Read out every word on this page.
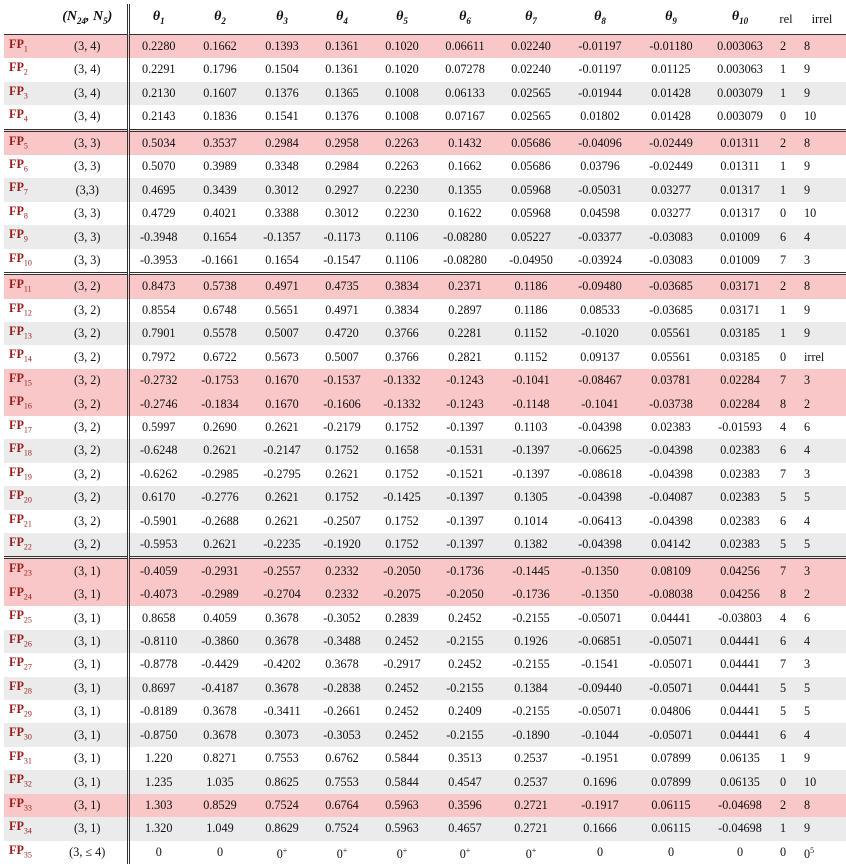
	($N_{24}$, $N_5$)	$\theta_1$	$\theta_2$	$\theta_3$	$\theta_4$	$\theta_5$	$\theta_6$	$\theta_7$	$\theta_8$	$\theta_9$	$\theta_{10}$	rel	irrel
$FP_1$	(3, 4)	0.2280	0.1662	0.1393	0.1361	0.1020	0.06611	0.02240	-0.01197	-0.01180	0.003063	2	8
$FP_2$	(3, 4)	0.2291	0.1796	0.1504	0.1361	0.1020	0.07278	0.02240	-0.01197	0.01125	0.003063	1	9
$FP_3$	(3, 4)	0.2130	0.1607	0.1376	0.1365	0.1008	0.06133	0.02565	-0.01944	0.01428	0.003079	1	9
$FP_4$	(3, 4)	0.2143	0.1836	0.1541	0.1376	0.1008	0.07167	0.02565	0.01802	0.01428	0.003079	0	10
$FP_5$	(3, 3)	0.5034	0.3537	0.2984	0.2958	0.2263	0.1432	0.05686	-0.04096	-0.02449	0.01311	2	8
$FP_6$	(3, 3)	0.5070	0.3989	0.3348	0.2984	0.2263	0.1662	0.05686	0.03796	-0.02449	0.01311	1	9
$FP_7$	(3,3)	0.4695	0.3439	0.3012	0.2927	0.2230	0.1355	0.05968	-0.05031	0.03277	0.01317	1	9
$FP_8$	(3, 3)	0.4729	0.4021	0.3388	0.3012	0.2230	0.1622	0.05968	0.04598	0.03277	0.01317	0	10
$FP_9$	(3, 3)	-0.3948	0.1654	-0.1357	-0.1173	0.1106	-0.08280	0.05227	-0.03377	-0.03083	0.01009	6	4
$FP_{10}$	(3, 3)	-0.3953	-0.1661	0.1654	-0.1547	0.1106	-0.08280	-0.04950	-0.03924	-0.03083	0.01009	7	3
$FP_{11}$	(3, 2)	0.8473	0.5738	0.4971	0.4735	0.3834	0.2371	0.1186	-0.09480	-0.03685	0.03171	2	8
$FP_{12}$	(3, 2)	0.8554	0.6748	0.5651	0.4971	0.3834	0.2897	0.1186	0.08533	-0.03685	0.03171	1	9
$FP_{13}$	(3, 2)	0.7901	0.5578	0.5007	0.4720	0.3766	0.2281	0.1152	-0.1020	0.05561	0.03185	1	9
$FP_{14}$	(3, 2)	0.7972	0.6722	0.5673	0.5007	0.3766	0.2821	0.1152	0.09137	0.05561	0.03185	0	irrel
$FP_{15}$	(3, 2)	-0.2732	-0.1753	0.1670	-0.1537	-0.1332	-0.1243	-0.1041	-0.08467	0.03781	0.02284	7	3
$FP_{16}$	(3, 2)	-0.2746	-0.1834	0.1670	-0.1606	-0.1332	-0.1243	-0.1148	-0.1041	-0.03738	0.02284	8	2
$FP_{17}$	(3, 2)	0.5997	0.2690	0.2621	-0.2179	0.1752	-0.1397	0.1103	-0.04398	0.02383	-0.01593	4	6
$FP_{18}$	(3, 2)	-0.6248	0.2621	-0.2147	0.1752	0.1658	-0.1531	-0.1397	-0.06625	-0.04398	0.02383	6	4
$FP_{19}$	(3, 2)	-0.6262	-0.2985	-0.2795	0.2621	0.1752	-0.1521	-0.1397	-0.08618	-0.04398	0.02383	7	3
$FP_{20}$	(3, 2)	0.6170	-0.2776	0.2621	0.1752	-0.1425	-0.1397	0.1305	-0.04398	-0.04087	0.02383	5	5
$FP_{21}$	(3, 2)	-0.5901	-0.2688	0.2621	-0.2507	0.1752	-0.1397	0.1014	-0.06413	-0.04398	0.02383	6	4
$FP_{22}$	(3, 2)	-0.5953	0.2621	-0.2235	-0.1920	0.1752	-0.1397	0.1382	-0.04398	0.04142	0.02383	5	5
$FP_{23}$	(3, 1)	-0.4059	-0.2931	-0.2557	0.2332	-0.2050	-0.1736	-0.1445	-0.1350	0.08109	0.04256	7	3
$FP_{24}$	(3, 1)	-0.4073	-0.2989	-0.2704	0.2332	-0.2075	-0.2050	-0.1736	-0.1350	-0.08038	0.04256	8	2
$FP_{25}$	(3, 1)	0.8658	0.4059	0.3678	-0.3052	0.2839	0.2452	-0.2155	-0.05071	0.04441	-0.03803	4	6
$FP_{26}$	(3, 1)	-0.8110	-0.3860	0.3678	-0.3488	0.2452	-0.2155	0.1926	-0.06851	-0.05071	0.04441	6	4
$FP_{27}$	(3, 1)	-0.8778	-0.4429	-0.4202	0.3678	-0.2917	0.2452	-0.2155	-0.1541	-0.05071	0.04441	7	3
$FP_{28}$	(3, 1)	0.8697	-0.4187	0.3678	-0.2838	0.2452	-0.2155	0.1384	-0.09440	-0.05071	0.04441	5	5
$FP_{29}$	(3, 1)	-0.8189	0.3678	-0.3411	-0.2661	0.2452	0.2409	-0.2155	-0.05071	0.04806	0.04441	5	5
$FP_{30}$	(3, 1)	-0.8750	0.3678	0.3073	-0.3053	0.2452	-0.2155	-0.1890	-0.1044	-0.05071	0.04441	6	4
$FP_{31}$	(3, 1)	1.220	0.8271	0.7553	0.6762	0.5844	0.3513	0.2537	-0.1951	0.07899	0.06135	1	9
$FP_{32}$	(3, 1)	1.235	1.035	0.8625	0.7553	0.5844	0.4547	0.2537	0.1696	0.07899	0.06135	0	10
$FP_{33}$	(3, 1)	1.303	0.8529	0.7524	0.6764	0.5963	0.3596	0.2721	-0.1917	0.06115	-0.04698	2	8
$FP_{34}$	(3, 1)	1.320	1.049	0.8629	0.7524	0.5963	0.4657	0.2721	0.1666	0.06115	-0.04698	1	9
$FP_{35}$	(3, ≤ 4)	0	0	0+	0+	0+	0+	0+	0	0	0	0	$0^5$
